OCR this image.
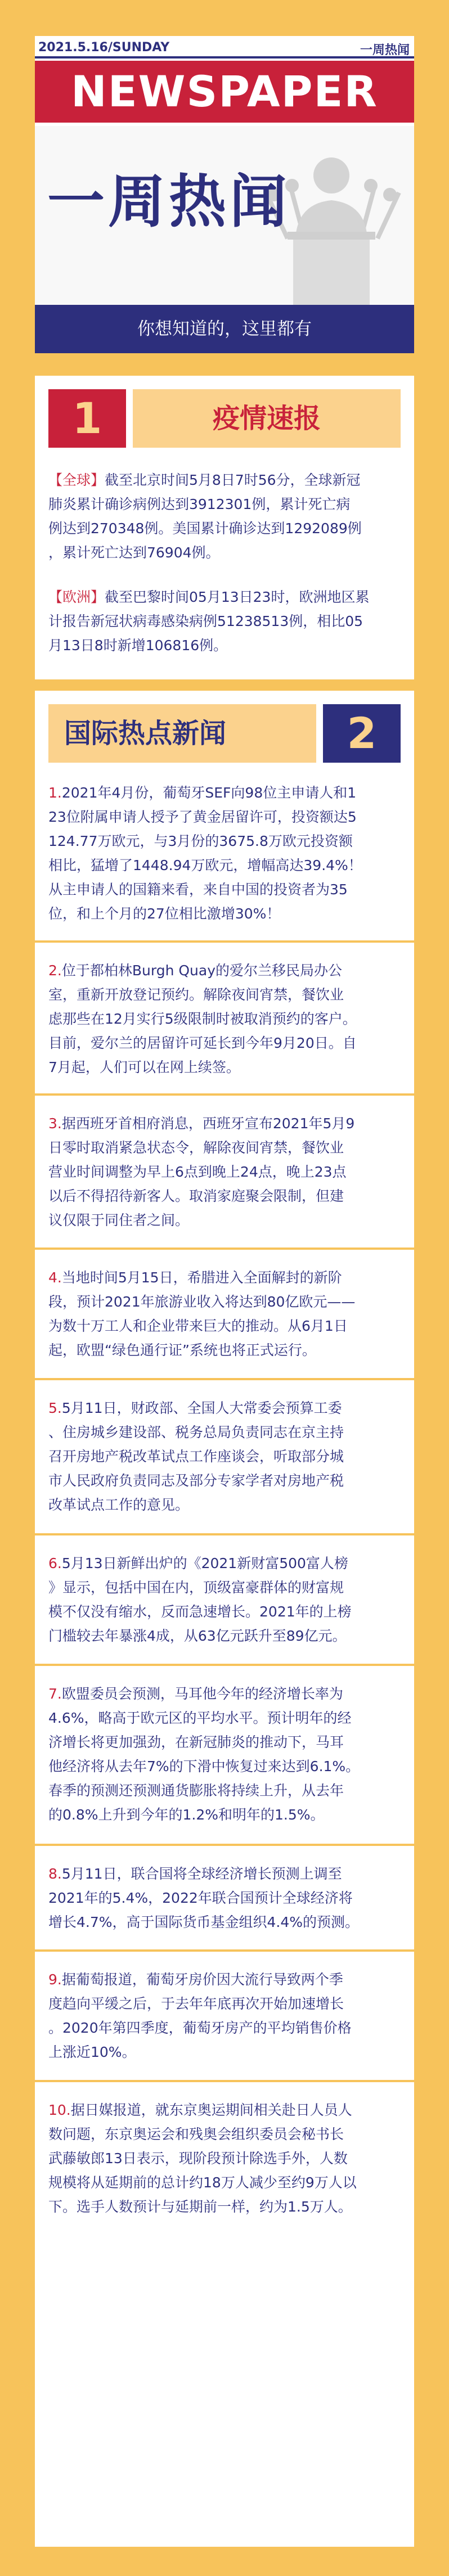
2021.5.16/SUNDAY	一周热闻
NEWSPAPER
一周热闻
你想知道的，这里都有
1	疫情速报

【全球】截至北京时间5月8日7时56分，全球新冠
肺炎累计确诊病例达到3912301例，累计死亡病
例达到270348例。美国累计确诊达到1292089例
，累计死亡达到76904例。

【欧洲】截至巴黎时间05月13日23时，欧洲地区累
计报告新冠状病毒感染病例51238513例，相比05
月13日8时新增106816例。

国际热点新闻	2

1.2021年4月份，葡萄牙SEF向98位主申请人和1
23位附属申请人授予了黄金居留许可，投资额达5
124.77万欧元，与3月份的3675.8万欧元投资额
相比，猛增了1448.94万欧元，增幅高达39.4%！
从主申请人的国籍来看，来自中国的投资者为35
位，和上个月的27位相比激增30%！

2.位于都柏林Burgh Quay的爱尔兰移民局办公
室，重新开放登记预约。解除夜间宵禁，餐饮业
虑那些在12月实行5级限制时被取消预约的客户。
目前，爱尔兰的居留许可延长到今年9月20日。自
7月起，人们可以在网上续签。

3.据西班牙首相府消息，西班牙宣布2021年5月9
日零时取消紧急状态令，解除夜间宵禁，餐饮业
营业时间调整为早上6点到晚上24点，晚上23点
以后不得招待新客人。取消家庭聚会限制，但建
议仅限于同住者之间。

4.当地时间5月15日，希腊进入全面解封的新阶
段，预计2021年旅游业收入将达到80亿欧元——
为数十万工人和企业带来巨大的推动。从6月1日
起，欧盟“绿色通行证”系统也将正式运行。

5.5月11日，财政部、全国人大常委会预算工委
、住房城乡建设部、税务总局负责同志在京主持
召开房地产税改革试点工作座谈会，听取部分城
市人民政府负责同志及部分专家学者对房地产税
改革试点工作的意见。

6.5月13日新鲜出炉的《2021新财富500富人榜
》显示，包括中国在内，顶级富豪群体的财富规
模不仅没有缩水，反而急速增长。2021年的上榜
门槛较去年暴涨4成，从63亿元跃升至89亿元。

7.欧盟委员会预测，马耳他今年的经济增长率为
4.6%，略高于欧元区的平均水平。预计明年的经
济增长将更加强劲，在新冠肺炎的推动下，马耳
他经济将从去年7%的下滑中恢复过来达到6.1%。
春季的预测还预测通货膨胀将持续上升，从去年
的0.8%上升到今年的1.2%和明年的1.5%。

8.5月11日，联合国将全球经济增长预测上调至
2021年的5.4%，2022年联合国预计全球经济将
增长4.7%，高于国际货币基金组织4.4%的预测。

9.据葡萄报道，葡萄牙房价因大流行导致两个季
度趋向平缓之后，于去年年底再次开始加速增长
。2020年第四季度，葡萄牙房产的平均销售价格
上涨近10%。

10.据日媒报道，就东京奥运期间相关赴日人员人
数问题，东京奥运会和残奥会组织委员会秘书长
武藤敏郎13日表示，现阶段预计除选手外，人数
规模将从延期前的总计约18万人减少至约9万人以
下。选手人数预计与延期前一样，约为1.5万人。
